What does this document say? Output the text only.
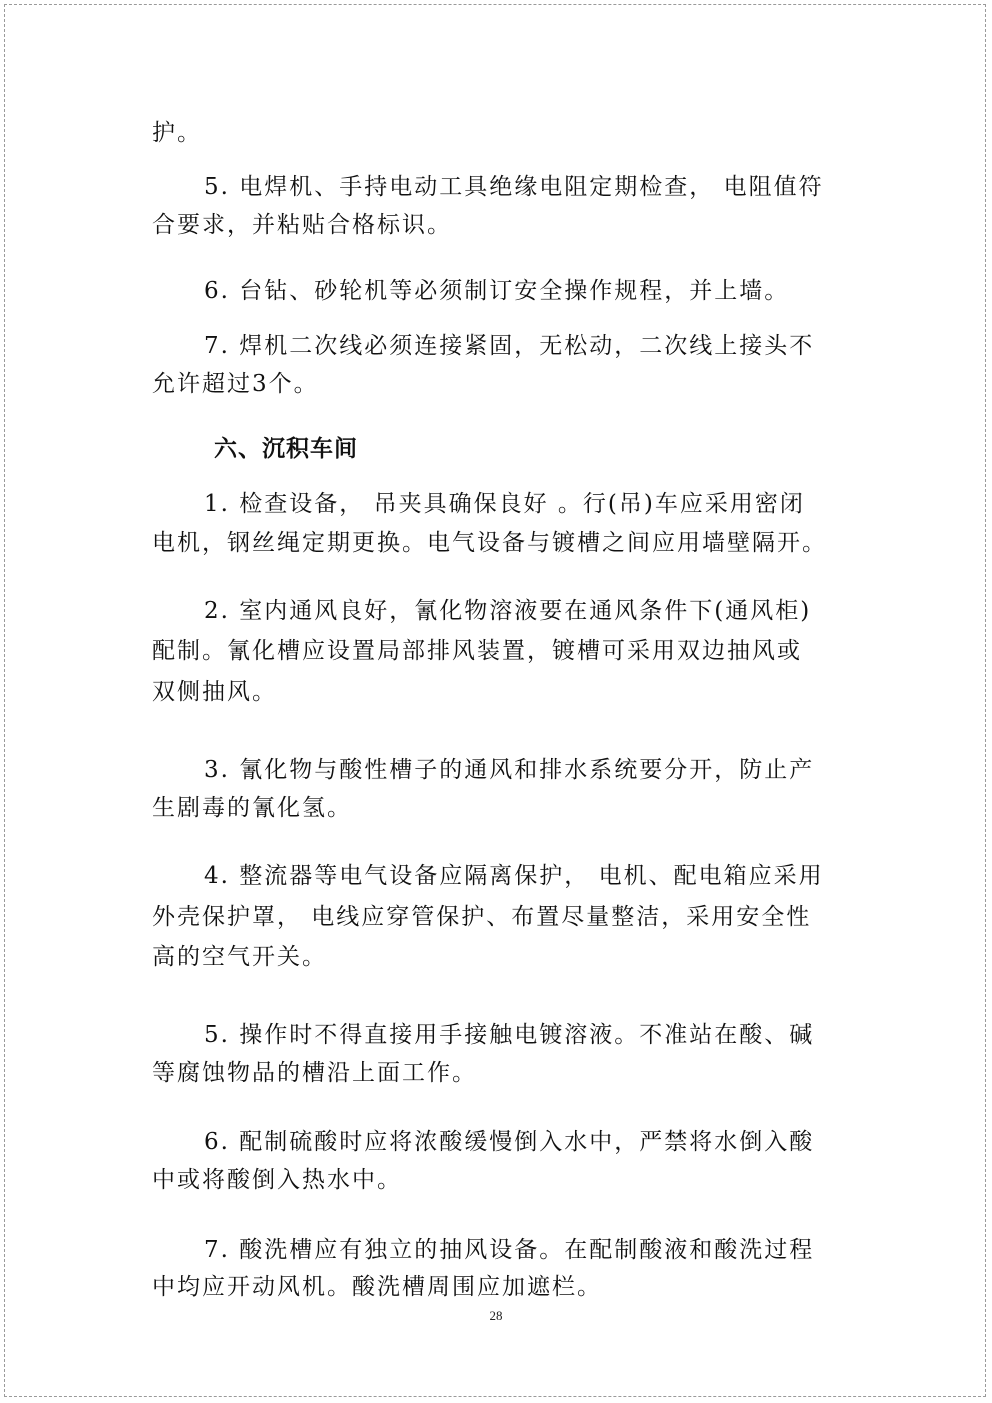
护。
5. 电焊机、手持电动工具绝缘电阻定期检查， 电阻值符
合要求，并粘贴合格标识。
6. 台钻、砂轮机等必须制订安全操作规程，并上墙。
7. 焊机二次线必须连接紧固，无松动，二次线上接头不
允许超过3个。
六、沉积车间
1. 检查设备， 吊夹具确保良好 。行(吊)车应采用密闭
电机，钢丝绳定期更换。电气设备与镀槽之间应用墙壁隔开。
2. 室内通风良好，氰化物溶液要在通风条件下(通风柜)
配制。氰化槽应设置局部排风装置，镀槽可采用双边抽风或
双侧抽风。
3. 氰化物与酸性槽子的通风和排水系统要分开，防止产
生剧毒的氰化氢。
4. 整流器等电气设备应隔离保护， 电机、配电箱应采用
外壳保护罩， 电线应穿管保护、布置尽量整洁，采用安全性
高的空气开关。
5. 操作时不得直接用手接触电镀溶液。不准站在酸、碱
等腐蚀物品的槽沿上面工作。
6. 配制硫酸时应将浓酸缓慢倒入水中，严禁将水倒入酸
中或将酸倒入热水中。
7. 酸洗槽应有独立的抽风设备。在配制酸液和酸洗过程
中均应开动风机。酸洗槽周围应加遮栏。
28
